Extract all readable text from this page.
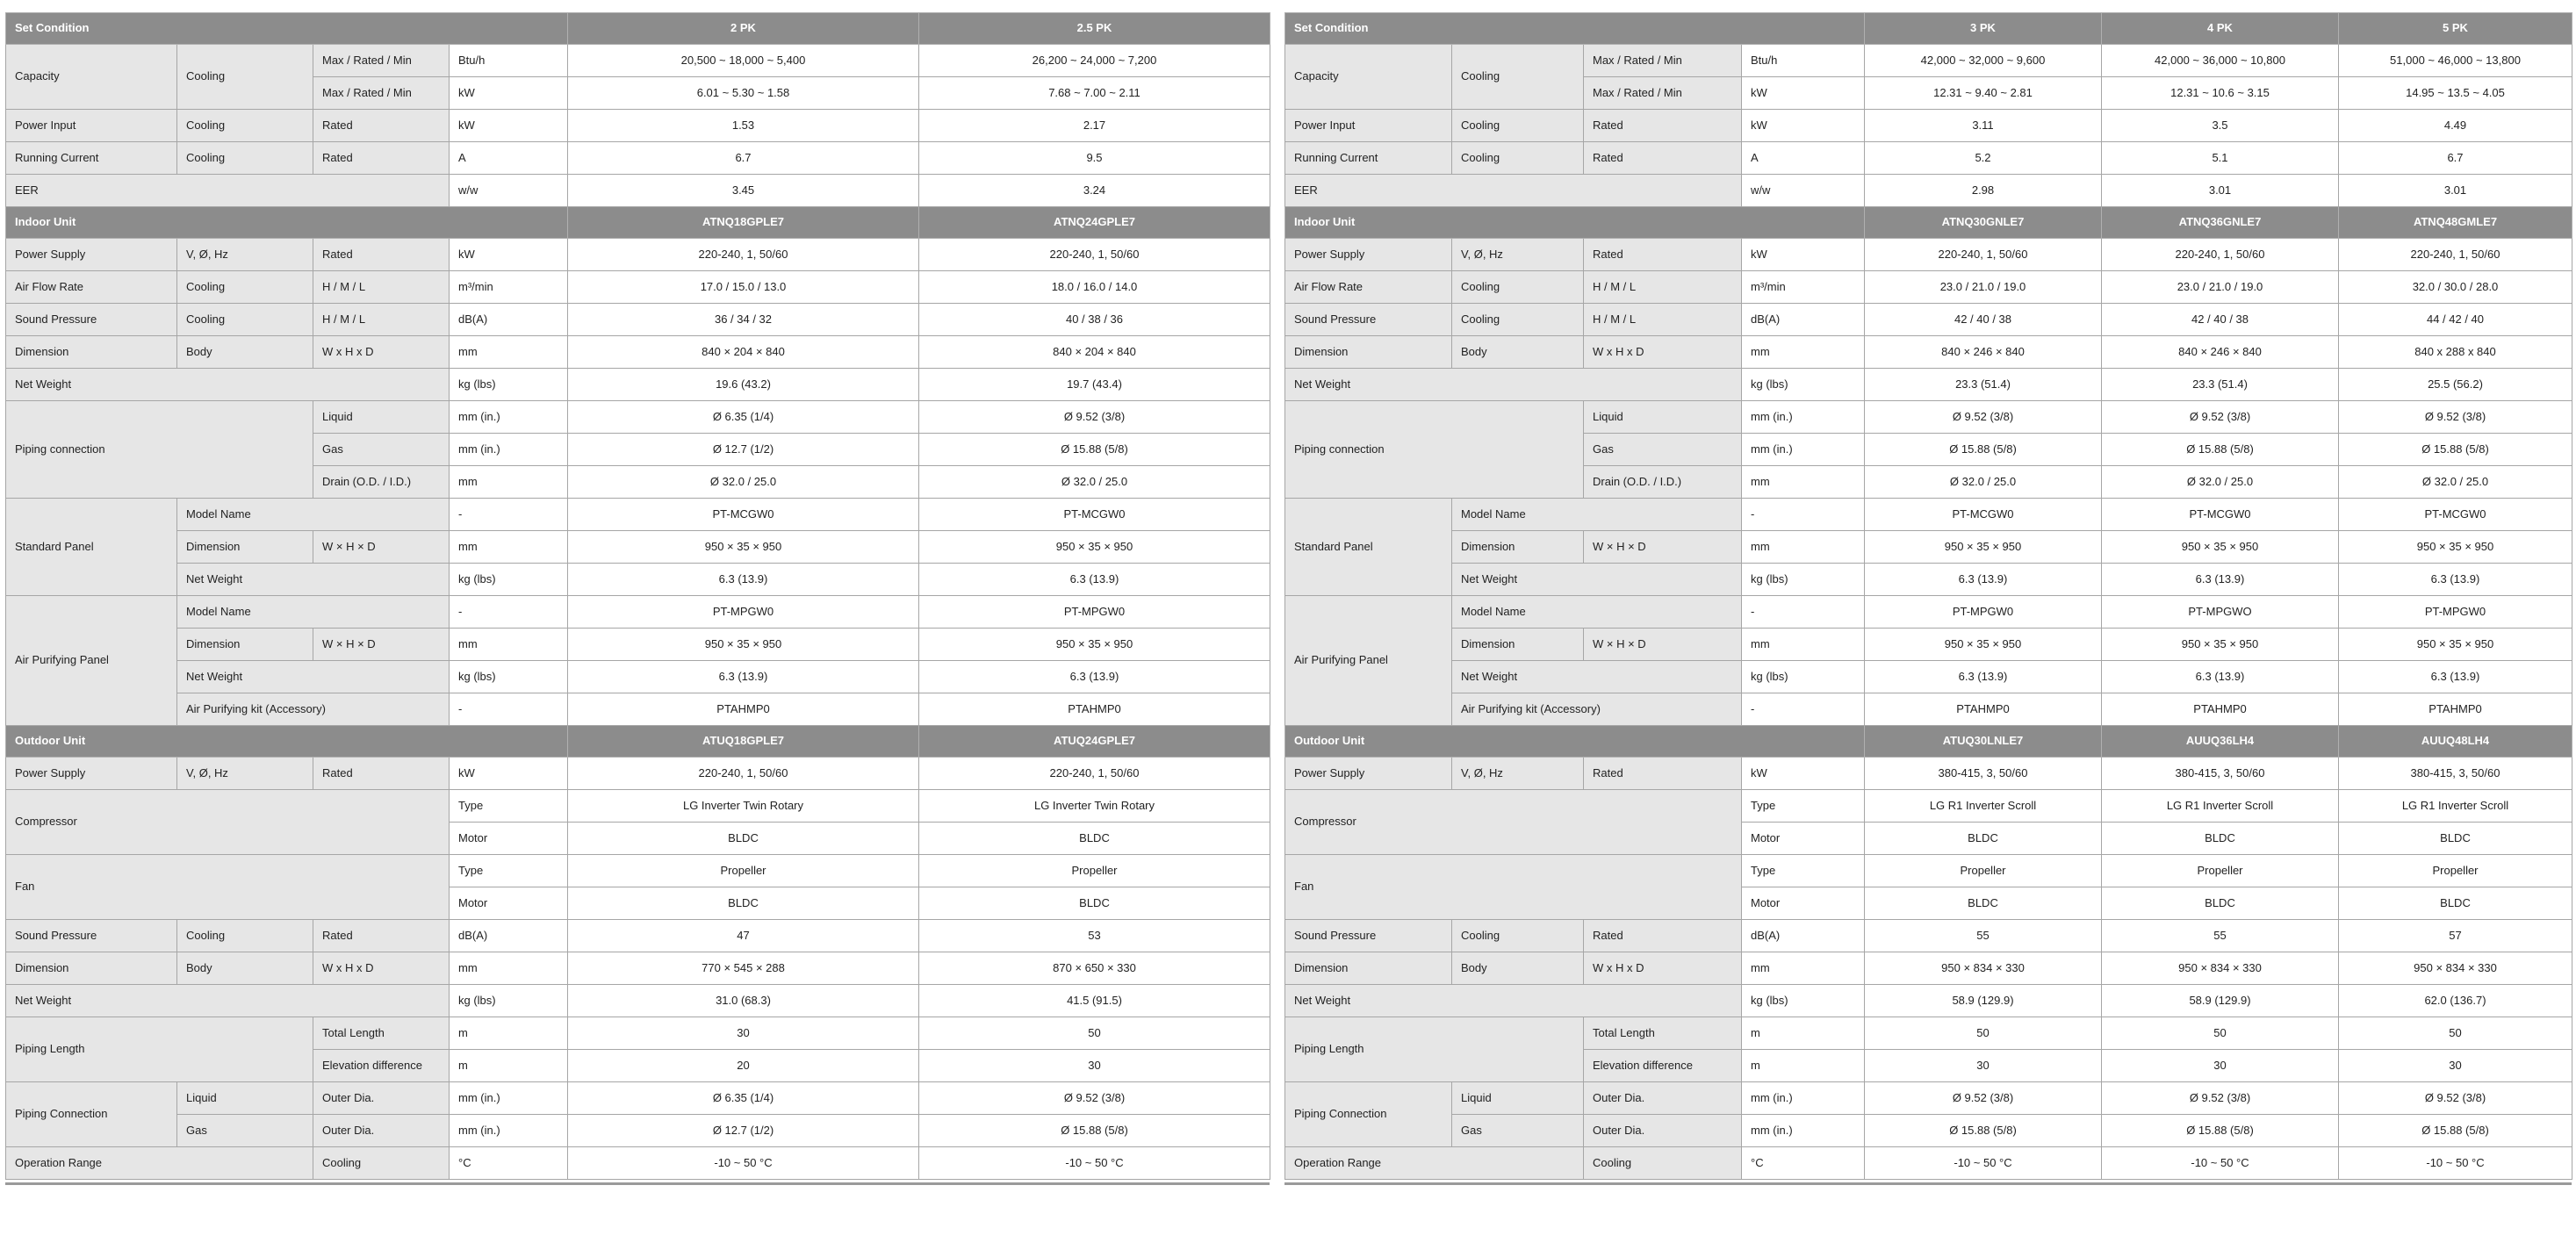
Set Condition				2 PK	2.5 PK
Capacity	Cooling	Max / Rated / Min	Btu/h	20,500 ~ 18,000 ~ 5,400	26,200 ~ 24,000 ~ 7,200
		Max / Rated / Min	kW	6.01 ~ 5.30 ~ 1.58	7.68 ~ 7.00 ~ 2.11
Power Input	Cooling	Rated	kW	1.53	2.17
Running Current	Cooling	Rated	A	6.7	9.5
EER			w/w	3.45	3.24
Indoor Unit				ATNQ18GPLE7	ATNQ24GPLE7
Power Supply	V, Ø, Hz	Rated	kW	220-240, 1, 50/60	220-240, 1, 50/60
Air Flow Rate	Cooling	H / M / L	m³/min	17.0 / 15.0 / 13.0	18.0 / 16.0 / 14.0
Sound Pressure	Cooling	H / M / L	dB(A)	36 / 34 / 32	40 / 38 / 36
Dimension	Body	W x H x D	mm	840 × 204 × 840	840 × 204 × 840
Net Weight			kg (lbs)	19.6 (43.2)	19.7 (43.4)
Piping connection		Liquid	mm (in.)	Ø 6.35 (1/4)	Ø 9.52 (3/8)
		Gas	mm (in.)	Ø 12.7 (1/2)	Ø 15.88 (5/8)
		Drain (O.D. / I.D.)	mm	Ø 32.0 / 25.0	Ø 32.0 / 25.0
Standard Panel	Model Name		-	PT-MCGW0	PT-MCGW0
	Dimension	W × H × D	mm	950 × 35 × 950	950 × 35 × 950
	Net Weight		kg (lbs)	6.3 (13.9)	6.3 (13.9)
Air Purifying Panel	Model Name		-	PT-MPGW0	PT-MPGW0
	Dimension	W × H × D	mm	950 × 35 × 950	950 × 35 × 950
	Net Weight		kg (lbs)	6.3 (13.9)	6.3 (13.9)
	Air Purifying kit (Accessory)		-	PTAHMP0	PTAHMP0
Outdoor Unit				ATUQ18GPLE7	ATUQ24GPLE7
Power Supply	V, Ø, Hz	Rated	kW	220-240, 1, 50/60	220-240, 1, 50/60
Compressor			Type	LG Inverter Twin Rotary	LG Inverter Twin Rotary
			Motor	BLDC	BLDC
Fan			Type	Propeller	Propeller
			Motor	BLDC	BLDC
Sound Pressure	Cooling	Rated	dB(A)	47	53
Dimension	Body	W x H x D	mm	770 × 545 × 288	870 × 650 × 330
Net Weight			kg (lbs)	31.0 (68.3)	41.5 (91.5)
Piping Length		Total Length	m	30	50
		Elevation difference	m	20	30
Piping Connection	Liquid	Outer Dia.	mm (in.)	Ø 6.35 (1/4)	Ø 9.52 (3/8)
	Gas	Outer Dia.	mm (in.)	Ø 12.7 (1/2)	Ø 15.88 (5/8)
Operation Range		Cooling	°C	-10 ~ 50 °C	-10 ~ 50 °C
Set Condition				3 PK	4 PK	5 PK
Capacity	Cooling	Max / Rated / Min	Btu/h	42,000 ~ 32,000 ~ 9,600	42,000 ~ 36,000 ~ 10,800	51,000 ~ 46,000 ~ 13,800
		Max / Rated / Min	kW	12.31 ~ 9.40 ~ 2.81	12.31 ~ 10.6 ~ 3.15	14.95 ~ 13.5 ~ 4.05
Power Input	Cooling	Rated	kW	3.11	3.5	4.49
Running Current	Cooling	Rated	A	5.2	5.1	6.7
EER			w/w	2.98	3.01	3.01
Indoor Unit				ATNQ30GNLE7	ATNQ36GNLE7	ATNQ48GMLE7
Power Supply	V, Ø, Hz	Rated	kW	220-240, 1, 50/60	220-240, 1, 50/60	220-240, 1, 50/60
Air Flow Rate	Cooling	H / M / L	m³/min	23.0 / 21.0 / 19.0	23.0 / 21.0 / 19.0	32.0 / 30.0 / 28.0
Sound Pressure	Cooling	H / M / L	dB(A)	42 / 40 / 38	42 / 40 / 38	44 / 42 / 40
Dimension	Body	W x H x D	mm	840 × 246 × 840	840 × 246 × 840	840 x 288 x 840
Net Weight			kg (lbs)	23.3 (51.4)	23.3 (51.4)	25.5 (56.2)
Piping connection		Liquid	mm (in.)	Ø 9.52 (3/8)	Ø 9.52 (3/8)	Ø 9.52 (3/8)
		Gas	mm (in.)	Ø 15.88 (5/8)	Ø 15.88 (5/8)	Ø 15.88 (5/8)
		Drain (O.D. / I.D.)	mm	Ø 32.0 / 25.0	Ø 32.0 / 25.0	Ø 32.0 / 25.0
Standard Panel	Model Name		-	PT-MCGW0	PT-MCGW0	PT-MCGW0
	Dimension	W × H × D	mm	950 × 35 × 950	950 × 35 × 950	950 × 35 × 950
	Net Weight		kg (lbs)	6.3 (13.9)	6.3 (13.9)	6.3 (13.9)
Air Purifying Panel	Model Name		-	PT-MPGW0	PT-MPGWO	PT-MPGW0
	Dimension	W × H × D	mm	950 × 35 × 950	950 × 35 × 950	950 × 35 × 950
	Net Weight		kg (lbs)	6.3 (13.9)	6.3 (13.9)	6.3 (13.9)
	Air Purifying kit (Accessory)		-	PTAHMP0	PTAHMP0	PTAHMP0
Outdoor Unit				ATUQ30LNLE7	AUUQ36LH4	AUUQ48LH4
Power Supply	V, Ø, Hz	Rated	kW	380-415, 3, 50/60	380-415, 3, 50/60	380-415, 3, 50/60
Compressor			Type	LG R1 Inverter Scroll	LG R1 Inverter Scroll	LG R1 Inverter Scroll
			Motor	BLDC	BLDC	BLDC
Fan			Type	Propeller	Propeller	Propeller
			Motor	BLDC	BLDC	BLDC
Sound Pressure	Cooling	Rated	dB(A)	55	55	57
Dimension	Body	W x H x D	mm	950 × 834 × 330	950 × 834 × 330	950 × 834 × 330
Net Weight			kg (lbs)	58.9 (129.9)	58.9 (129.9)	62.0 (136.7)
Piping Length		Total Length	m	50	50	50
		Elevation difference	m	30	30	30
Piping Connection	Liquid	Outer Dia.	mm (in.)	Ø 9.52 (3/8)	Ø 9.52 (3/8)	Ø 9.52 (3/8)
	Gas	Outer Dia.	mm (in.)	Ø 15.88 (5/8)	Ø 15.88 (5/8)	Ø 15.88 (5/8)
Operation Range		Cooling	°C	-10 ~ 50 °C	-10 ~ 50 °C	-10 ~ 50 °C
